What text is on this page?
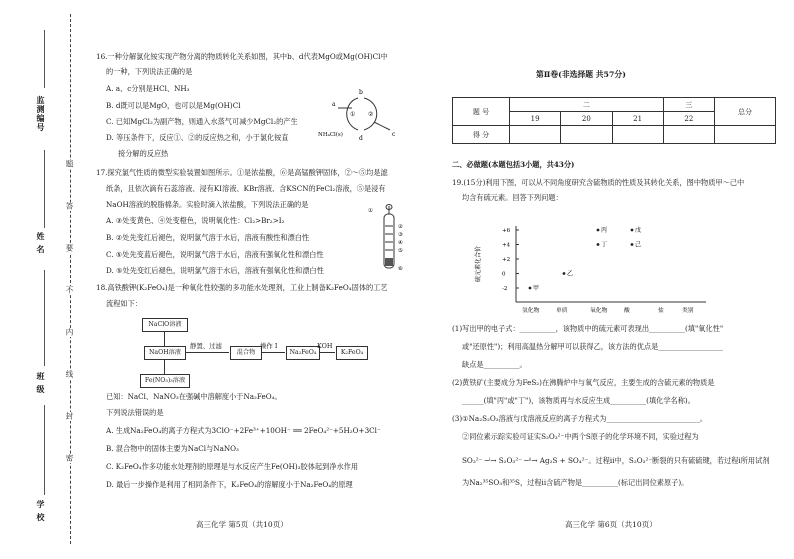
监测编号
姓 名
班 级
学 校
题
答
要
不
内
线
封
密
16.一种分解氯化铵实现产物分离的物质转化关系如图，其中b、d代表MgO或Mg(OH)Cl中
的一种，下列说法正确的是
A. a、c分别是HCl、NH₃
B. d既可以是MgO，也可以是Mg(OH)Cl
C. 已知MgCl₂为副产物，则通入水蒸气可减少MgCl₂的产生
D. 等压条件下，反应①、②的反应热之和，小于氯化铵直
接分解的反应热
a
b
c
d
① ②
NH₄Cl(s)
17.探究氯气性质的微型实验装置如图所示。①是浓盐酸，⑥是高锰酸钾固体，②～⑤均是滤
纸条，且依次滴有石蕊溶液、浸有KI溶液、KBr溶液、含KSCN的FeCl₂溶液，⑤是浸有
NaOH溶液的脱脂棉条。实验时滴入浓盐酸，下列说法正确的是
A. ③处变黄色、④处变橙色，说明氧化性：Cl₂>Br₂>I₂
B. ②处先变红后褪色，说明氯气溶于水后，溶液有酸性和漂白性
C. ⑤处先变蓝后褪色，说明氯气溶于水后，溶液有强氧化性和漂白性
D. ⑤处先变红后褪色，说明氯气溶于水后，溶液有强氧化性和漂白性
①
②
③
④
⑤
⑥
18.高铁酸钾(K₂FeO₄)是一种氧化性较强的多功能水处理剂，工业上制备K₂FeO₄固体的工艺
流程如下：
NaClO溶液
NaOH溶液
Fe(NO₃)₃溶液
静置、过滤
混合物
操作 I
Na₂FeO₄
KOH
K₂FeO₄
已知：NaCl、NaNO₃在强碱中溶解度小于Na₂FeO₄。
下列说法错误的是
A. 生成Na₂FeO₄的离子方程式为3ClO⁻+2Fe³⁺+10OH⁻ ══ 2FeO₄²⁻+5H₂O+3Cl⁻
B. 混合物中的固体主要为NaCl与NaNO₃
C. K₂FeO₄作多功能水处理剂的原理是与水反应产生Fe(OH)₃胶体起到净水作用
D. 最后一步操作是利用了相同条件下，K₂FeO₄的溶解度小于Na₂FeO₄的原理
高三化学 第5页（共10页）
第Ⅱ卷(非选择题 共57分)
题 号	二			三	总分
	19	20	21	22	
得 分					
二、必做题(本题包括3小题，共43分)
19.(15分)利用下图，可以从不同角度研究含硫物质的性质及其转化关系，图中物质甲～己中
均含有硫元素。回答下列问题：
硫元素化合价
+6
+4
+2
0
-2
氢化物	单质	氧化物	酸	盐	类别
甲
乙
丙
丁
戊
己
(1)写出甲的电子式：__________，该物质中的硫元素可表现出__________(填"氧化性"
或"还原性")；利用高温热分解甲可以获得乙，该方法的优点是__________________
缺点是__________。
(2)黄铁矿(主要成分为FeS₂)在沸腾炉中与氧气反应，主要生成的含硫元素的物质是
______(填"丙"或"丁")，该物质再与水反应生成__________(填化学名称)。
(3)①Na₂S₂O₃溶液与戊溶液反应的离子方程式为__________________________。
②同位素示踪实验可证实S₂O₃²⁻中两个S原子的化学环境不同，实验过程为
SO₃²⁻ ─ⁱ→ S₂O₃²⁻ ─ⁱⁱ→ Ag₂S + SO₄²⁻。过程ii中，S₂O₃²⁻断裂的只有硫硫键，若过程i所用试剂
为Na₂³⁵SO₃和³⁵S，过程ii含硫产物是__________(标记出同位素原子)。
高三化学 第6页（共10页）
